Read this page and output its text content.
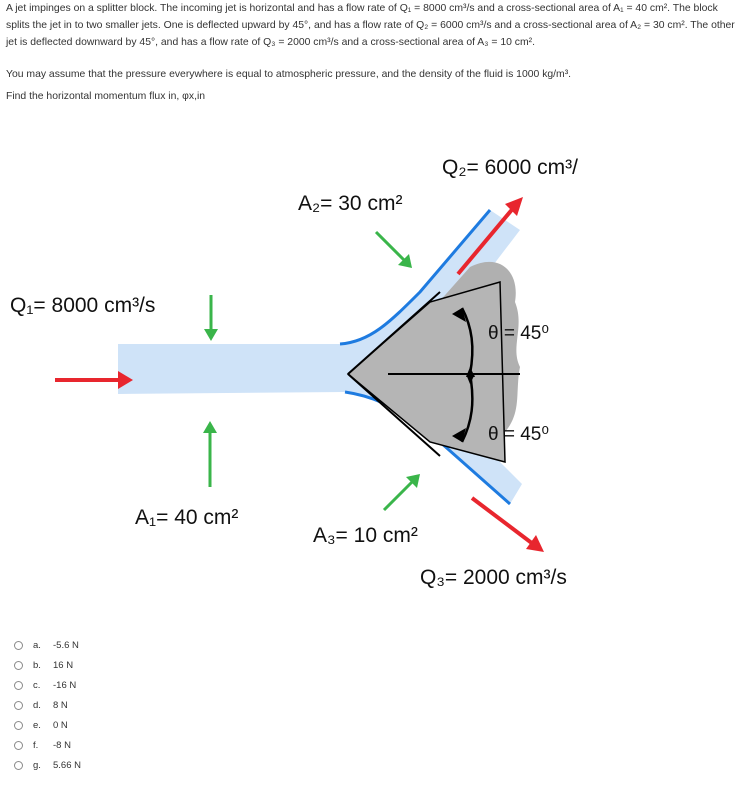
A jet impinges on a splitter block. The incoming jet is horizontal and has a flow rate of Q₁ = 8000 cm³/s and a cross-sectional area of A₁ = 40 cm². The block splits the jet in to two smaller jets. One is deflected upward by 45°, and has a flow rate of Q₂ = 6000 cm³/s and a cross-sectional area of A₂ = 30 cm². The other jet is deflected downward by 45°, and has a flow rate of Q₃ = 2000 cm³/s and a cross-sectional area of A₃ = 10 cm².
You may assume that the pressure everywhere is equal to atmospheric pressure, and the density of the fluid is 1000 kg/m³.
Find the horizontal momentum flux in, φx,in
Q₁= 8000 cm³/s
Q₂= 6000 cm³/
Q₃= 2000 cm³/s
A₁= 40 cm²
A₂= 30 cm²
A₃= 10 cm²
θ = 45⁰
θ = 45⁰
a.	-5.6 N
b.	16 N
c.	-16 N
d.	8 N
e.	0 N
f.	-8 N
g.	5.66 N
